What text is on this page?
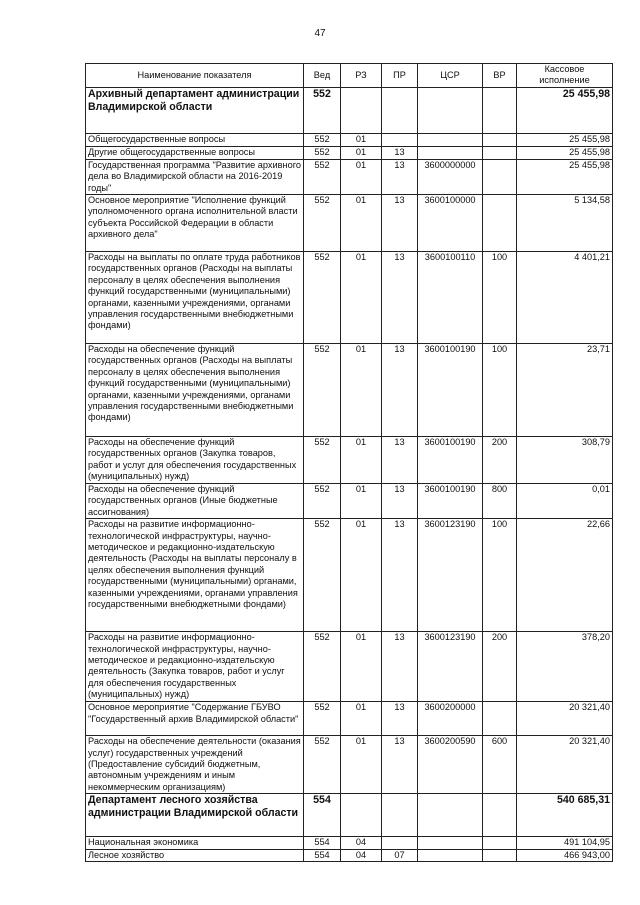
47
Наименование показателя	Вед	РЗ	ПР	ЦСР	ВР	Кассовое исполнение
Архивный департамент администрации Владимирской области	552					25 455,98
Общегосударственные вопросы	552	01				25 455,98
Другие общегосударственные вопросы	552	01	13			25 455,98
Государственная программа "Развитие архивного дела во Владимирской области на 2016-2019 годы"	552	01	13	3600000000		25 455,98
Основное мероприятие "Исполнение функций уполномоченного органа исполнительной власти субъекта Российской Федерации в области архивного дела"	552	01	13	3600100000		5 134,58
Расходы на выплаты по оплате труда работников государственных органов (Расходы на выплаты персоналу в целях обеспечения выполнения функций государственными (муниципальными) органами, казенными учреждениями, органами управления государственными внебюджетными фондами)	552	01	13	3600100110	100	4 401,21
Расходы на обеспечение функций государственных органов (Расходы на выплаты персоналу в целях обеспечения выполнения функций государственными (муниципальными) органами, казенными учреждениями, органами управления государственными внебюджетными фондами)	552	01	13	3600100190	100	23,71
Расходы на обеспечение функций государственных органов (Закупка товаров, работ и услуг для обеспечения государственных (муниципальных) нужд)	552	01	13	3600100190	200	308,79
Расходы на обеспечение функций государственных органов (Иные бюджетные ассигнования)	552	01	13	3600100190	800	0,01
Расходы на развитие информационно-технологической инфраструктуры, научно-методическое и редакционно-издательскую деятельность (Расходы на выплаты персоналу в целях обеспечения выполнения функций государственными (муниципальными) органами, казенными учреждениями, органами управления государственными внебюджетными фондами)	552	01	13	3600123190	100	22,66
Расходы на развитие информационно-технологической инфраструктуры, научно-методическое и редакционно-издательскую деятельность (Закупка товаров, работ и услуг для обеспечения государственных (муниципальных) нужд)	552	01	13	3600123190	200	378,20
Основное мероприятие "Содержание ГБУВО "Государственный архив Владимирской области"	552	01	13	3600200000		20 321,40
Расходы на обеспечение деятельности (оказания услуг) государственных учреждений (Предоставление субсидий бюджетным, автономным учреждениям и иным некоммерческим организациям)	552	01	13	3600200590	600	20 321,40
Департамент лесного хозяйства администрации Владимирской области	554					540 685,31
Национальная экономика	554	04				491 104,95
Лесное хозяйство	554	04	07			466 943,00
